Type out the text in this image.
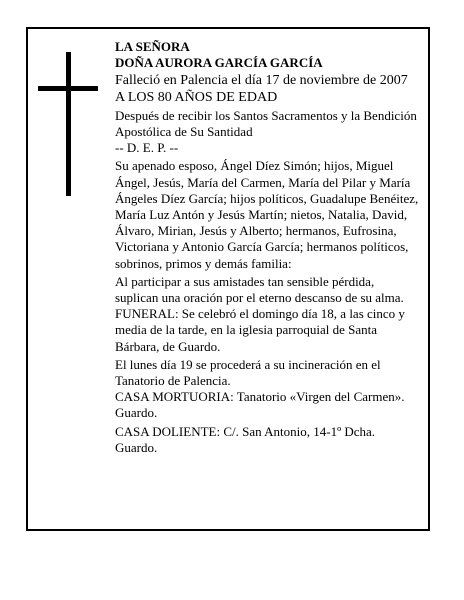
LA SEÑORA

DOÑA AURORA GARCÍA GARCÍA

Falleció en Palencia el día 17 de noviembre de 2007

A LOS 80 AÑOS DE EDAD

Después de recibir los Santos Sacramentos y la Bendición Apostólica de Su Santidad

-- D. E. P. --

Su apenado esposo, Ángel Díez Simón; hijos, Miguel Ángel, Jesús, María del Carmen, María del Pilar y María Ángeles Díez García; hijos políticos, Guadalupe Benéitez, María Luz Antón y Jesús Martín; nietos, Natalia, David, Álvaro, Mirian, Jesús y Alberto; hermanos, Eufrosina, Victoriana y Antonio García García; hermanos políticos, sobrinos, primos y demás familia:

Al participar a sus amistades tan sensible pérdida, suplican una oración por el eterno descanso de su alma.

FUNERAL: Se celebró el domingo día 18, a las cinco y media de la tarde, en la iglesia parroquial de Santa Bárbara, de Guardo.

El lunes día 19 se procederá a su incineración en el Tanatorio de Palencia.

CASA MORTUORIA: Tanatorio «Virgen del Carmen». Guardo.

CASA DOLIENTE: C/. San Antonio, 14-1º Dcha. Guardo.
